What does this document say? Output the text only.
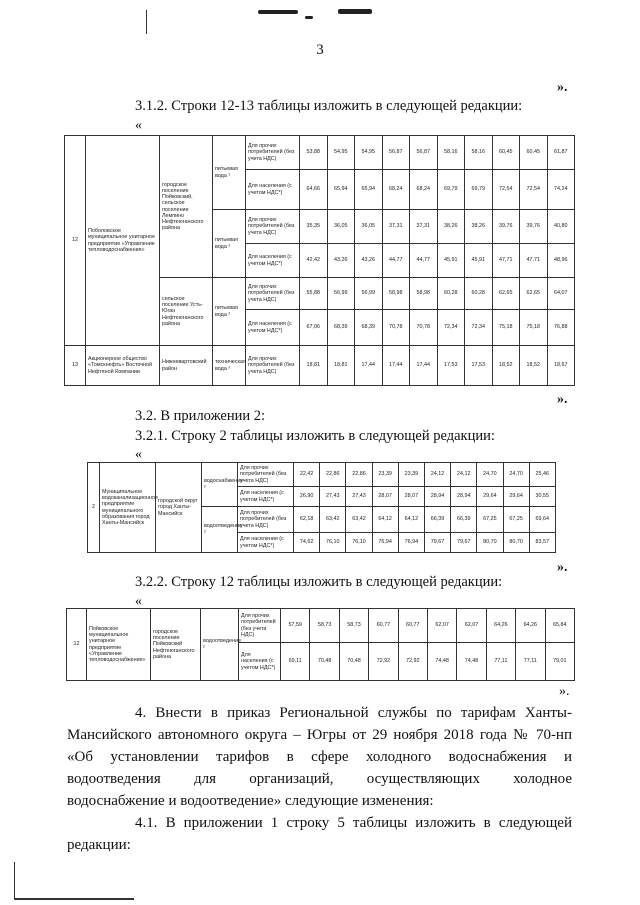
3
».
3.1.2. Строки 12-13 таблицы изложить в следующей редакции:
«
12	Поболовское муниципальное унитарное предприятие «Управление тепловодоснабжения»	городское поселение Пойковский, сельское поселение Лемпино Нефтеюганского района	питьевая вода ¹	Для прочих потребителей (без учета НДС)	53,88	54,95	54,95	56,87	56,87	58,16	58,16	60,45	60,45	61,87
				Для населения (с учетом НДС*)	64,66	65,94	65,94	68,24	68,24	69,79	69,79	72,54	72,54	74,24
			питьевая вода ²	Для прочих потребителей (без учета НДС)	35,35	36,05	36,05	37,31	37,31	38,26	38,26	39,76	39,76	40,80
				Для населения (с учетом НДС*)	42,42	43,26	43,26	44,77	44,77	45,91	45,91	47,71	47,71	48,96
		сельское поселение Усть-Юган Нефтеюганского района	питьевая вода ²	Для прочих потребителей (без учета НДС)	55,88	56,99	56,99	58,98	58,98	60,28	60,28	62,65	62,65	64,07
				Для населения (с учетом НДС*)	67,06	68,39	68,39	70,78	70,78	72,34	72,34	75,18	75,18	76,88
13	Акционерное общество «Томскнефть» Восточной Нефтяной Компании	Нижневартовский район	техническая вода ²	Для прочих потребителей (без учета НДС)	18,81	18,81	17,44	17,44	17,44	17,53	17,53	18,52	18,52	18,67
».
3.2. В приложении 2:
3.2.1. Строку 2 таблицы изложить в следующей редакции:
«
2	Муниципальное водоканализационное предприятие муниципального образования город Ханты-Мансийск	городской округ город Ханты-Мансийск	водоснабжение ²	Для прочих потребителей (без учета НДС)	22,42	22,86	22,86	23,39	23,39	24,12	24,12	24,70	24,70	25,46
				Для населения (с учетом НДС*)	26,90	27,43	27,43	28,07	28,07	28,94	28,94	29,64	29,64	30,55
			водоотведение ²	Для прочих потребителей (без учета НДС)	62,18	63,42	63,42	64,12	64,12	66,39	66,39	67,25	67,25	69,64
				Для населения (с учетом НДС*)	74,62	76,10	76,10	76,94	76,94	79,67	79,67	80,70	80,70	83,57
».
3.2.2. Строку 12 таблицы изложить в следующей редакции:
«
12	Пойковское муниципальное унитарное предприятие «Управление тепловодоснабжения»	городское поселение Пойковский Нефтеюганского района	водоотведение ²	Для прочих потребителей (без учета НДС)	57,59	58,73	58,73	60,77	60,77	62,07	62,07	64,26	64,26	65,84
				Для населения (с учетом НДС*)	69,11	70,48	70,48	72,92	72,92	74,48	74,48	77,11	77,11	79,01
».
4. Внести в приказ Региональной службы по тарифам Ханты-
Мансийского автономного округа – Югры от 29 ноября 2018 года № 70-нп
«Об установлении тарифов в сфере холодного водоснабжения и
водоотведения для организаций, осуществляющих холодное
водоснабжение и водоотведение» следующие изменения:
4.1. В приложении 1 строку 5 таблицы изложить в следующей
редакции:
